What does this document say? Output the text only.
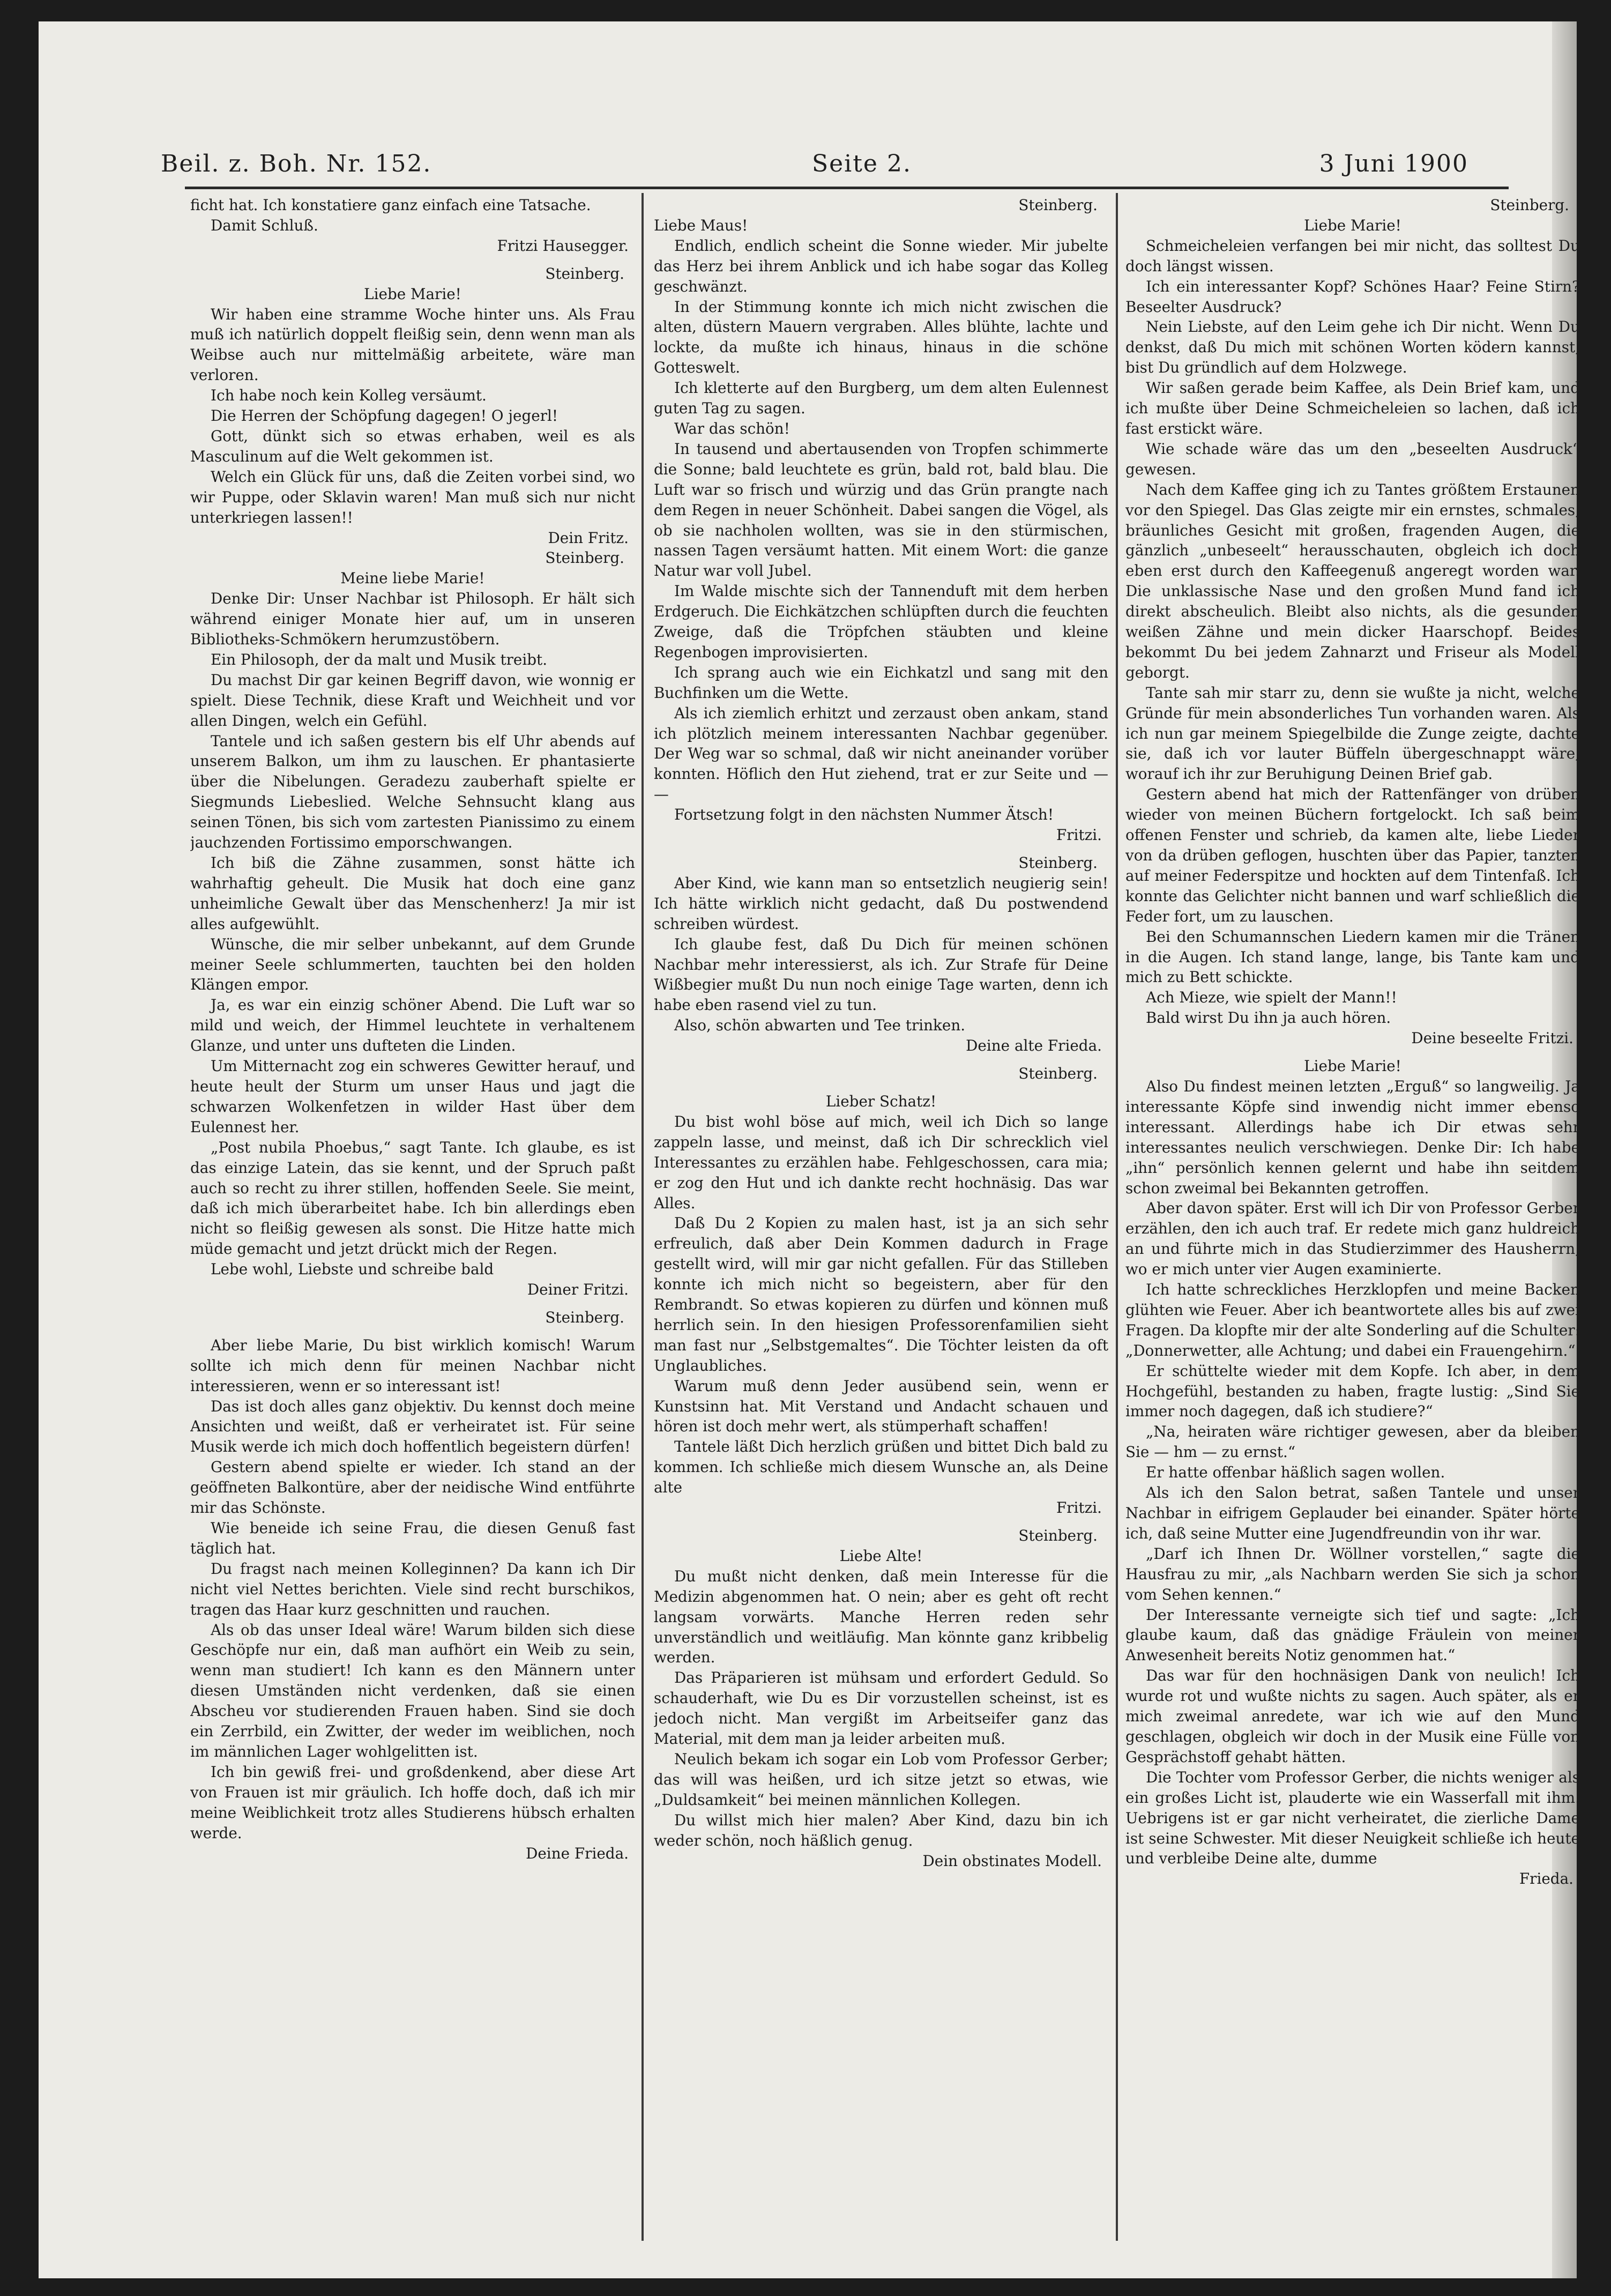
Beil. z. Boh. Nr. 152.	Seite 2.	3 Juni 1900

ficht hat. Ich konstatiere ganz einfach eine Tatsache.

Damit Schluß.

Fritzi Hausegger.

Steinberg.

Liebe Marie!

Wir haben eine stramme Woche hinter uns. Als Frau muß ich natürlich doppelt fleißig sein, denn wenn man als Weibse auch nur mittelmäßig arbeitete, wäre man verloren.

Ich habe noch kein Kolleg versäumt.

Die Herren der Schöpfung dagegen! O jegerl!

Gott, dünkt sich so etwas erhaben, weil es als Masculinum auf die Welt gekommen ist.

Welch ein Glück für uns, daß die Zeiten vorbei sind, wo wir Puppe, oder Sklavin waren! Man muß sich nur nicht unterkriegen lassen!!

Dein Fritz.

Steinberg.

Meine liebe Marie!

Denke Dir: Unser Nachbar ist Philosoph. Er hält sich während einiger Monate hier auf, um in unseren Bibliotheks-Schmökern herumzustöbern.

Ein Philosoph, der da malt und Musik treibt.

Du machst Dir gar keinen Begriff davon, wie wonnig er spielt. Diese Technik, diese Kraft und Weichheit und vor allen Dingen, welch ein Gefühl.

Tantele und ich saßen gestern bis elf Uhr abends auf unserem Balkon, um ihm zu lauschen. Er phantasierte über die Nibelungen. Geradezu zauberhaft spielte er Siegmunds Liebeslied. Welche Sehnsucht klang aus seinen Tönen, bis sich vom zartesten Pianissimo zu einem jauchzenden Fortissimo emporschwangen.

Ich biß die Zähne zusammen, sonst hätte ich wahrhaftig geheult. Die Musik hat doch eine ganz unheimliche Gewalt über das Menschenherz! Ja mir ist alles aufgewühlt.

Wünsche, die mir selber unbekannt, auf dem Grunde meiner Seele schlummerten, tauchten bei den holden Klängen empor.

Ja, es war ein einzig schöner Abend. Die Luft war so mild und weich, der Himmel leuchtete in verhaltenem Glanze, und unter uns dufteten die Linden.

Um Mitternacht zog ein schweres Gewitter herauf, und heute heult der Sturm um unser Haus und jagt die schwarzen Wolkenfetzen in wilder Hast über dem Eulennest her.

„Post nubila Phoebus,“ sagt Tante. Ich glaube, es ist das einzige Latein, das sie kennt, und der Spruch paßt auch so recht zu ihrer stillen, hoffenden Seele. Sie meint, daß ich mich überarbeitet habe. Ich bin allerdings eben nicht so fleißig gewesen als sonst. Die Hitze hatte mich müde gemacht und jetzt drückt mich der Regen.

Lebe wohl, Liebste und schreibe bald

Deiner Fritzi.

Steinberg.

Aber liebe Marie, Du bist wirklich komisch! Warum sollte ich mich denn für meinen Nachbar nicht interessieren, wenn er so interessant ist!

Das ist doch alles ganz objektiv. Du kennst doch meine Ansichten und weißt, daß er verheiratet ist. Für seine Musik werde ich mich doch hoffentlich begeistern dürfen!

Gestern abend spielte er wieder. Ich stand an der geöffneten Balkontüre, aber der neidische Wind entführte mir das Schönste.

Wie beneide ich seine Frau, die diesen Genuß fast täglich hat.

Du fragst nach meinen Kolleginnen? Da kann ich Dir nicht viel Nettes berichten. Viele sind recht burschikos, tragen das Haar kurz geschnitten und rauchen.

Als ob das unser Ideal wäre! Warum bilden sich diese Geschöpfe nur ein, daß man aufhört ein Weib zu sein, wenn man studiert! Ich kann es den Männern unter diesen Umständen nicht verdenken, daß sie einen Abscheu vor studierenden Frauen haben. Sind sie doch ein Zerrbild, ein Zwitter, der weder im weiblichen, noch im männlichen Lager wohlgelitten ist.

Ich bin gewiß frei- und großdenkend, aber diese Art von Frauen ist mir gräulich. Ich hoffe doch, daß ich mir meine Weiblichkeit trotz alles Studierens hübsch erhalten werde.

Deine Frieda.

Steinberg.

Liebe Maus!

Endlich, endlich scheint die Sonne wieder. Mir jubelte das Herz bei ihrem Anblick und ich habe sogar das Kolleg geschwänzt.

In der Stimmung konnte ich mich nicht zwischen die alten, düstern Mauern vergraben. Alles blühte, lachte und lockte, da mußte ich hinaus, hinaus in die schöne Gotteswelt.

Ich kletterte auf den Burgberg, um dem alten Eulennest guten Tag zu sagen.

War das schön!

In tausend und abertausenden von Tropfen schimmerte die Sonne; bald leuchtete es grün, bald rot, bald blau. Die Luft war so frisch und würzig und das Grün prangte nach dem Regen in neuer Schönheit. Dabei sangen die Vögel, als ob sie nachholen wollten, was sie in den stürmischen, nassen Tagen versäumt hatten. Mit einem Wort: die ganze Natur war voll Jubel.

Im Walde mischte sich der Tannenduft mit dem herben Erdgeruch. Die Eichkätzchen schlüpften durch die feuchten Zweige, daß die Tröpfchen stäubten und kleine Regenbogen improvisierten.

Ich sprang auch wie ein Eichkatzl und sang mit den Buchfinken um die Wette.

Als ich ziemlich erhitzt und zerzaust oben ankam, stand ich plötzlich meinem interessanten Nachbar gegenüber. Der Weg war so schmal, daß wir nicht aneinander vorüber konnten. Höflich den Hut ziehend, trat er zur Seite und — —

Fortsetzung folgt in den nächsten Nummer Ätsch!

Fritzi.

Steinberg.

Aber Kind, wie kann man so entsetzlich neugierig sein! Ich hätte wirklich nicht gedacht, daß Du postwendend schreiben würdest.

Ich glaube fest, daß Du Dich für meinen schönen Nachbar mehr interessierst, als ich. Zur Strafe für Deine Wißbegier mußt Du nun noch einige Tage warten, denn ich habe eben rasend viel zu tun.

Also, schön abwarten und Tee trinken.

Deine alte Frieda.

Steinberg.

Lieber Schatz!

Du bist wohl böse auf mich, weil ich Dich so lange zappeln lasse, und meinst, daß ich Dir schrecklich viel Interessantes zu erzählen habe. Fehlgeschossen, cara mia; er zog den Hut und ich dankte recht hochnäsig. Das war Alles.

Daß Du 2 Kopien zu malen hast, ist ja an sich sehr erfreulich, daß aber Dein Kommen dadurch in Frage gestellt wird, will mir gar nicht gefallen. Für das Stilleben konnte ich mich nicht so begeistern, aber für den Rembrandt. So etwas kopieren zu dürfen und können muß herrlich sein. In den hiesigen Professorenfamilien sieht man fast nur „Selbstgemaltes“. Die Töchter leisten da oft Unglaubliches.

Warum muß denn Jeder ausübend sein, wenn er Kunstsinn hat. Mit Verstand und Andacht schauen und hören ist doch mehr wert, als stümperhaft schaffen!

Tantele läßt Dich herzlich grüßen und bittet Dich bald zu kommen. Ich schließe mich diesem Wunsche an, als Deine alte

Fritzi.

Steinberg.

Liebe Alte!

Du mußt nicht denken, daß mein Interesse für die Medizin abgenommen hat. O nein; aber es geht oft recht langsam vorwärts. Manche Herren reden sehr unverständlich und weitläufig. Man könnte ganz kribbelig werden.

Das Präparieren ist mühsam und erfordert Geduld. So schauderhaft, wie Du es Dir vorzustellen scheinst, ist es jedoch nicht. Man vergißt im Arbeitseifer ganz das Material, mit dem man ja leider arbeiten muß.

Neulich bekam ich sogar ein Lob vom Professor Gerber; das will was heißen, urd ich sitze jetzt so etwas, wie „Duldsamkeit“ bei meinen männlichen Kollegen.

Du willst mich hier malen? Aber Kind, dazu bin ich weder schön, noch häßlich genug.

Dein obstinates Modell.

Steinberg.

Liebe Marie!

Schmeicheleien verfangen bei mir nicht, das solltest Du doch längst wissen.

Ich ein interessanter Kopf? Schönes Haar? Feine Stirn? Beseelter Ausdruck?

Nein Liebste, auf den Leim gehe ich Dir nicht. Wenn Du denkst, daß Du mich mit schönen Worten ködern kannst, bist Du gründlich auf dem Holzwege.

Wir saßen gerade beim Kaffee, als Dein Brief kam, und ich mußte über Deine Schmeicheleien so lachen, daß ich fast erstickt wäre.

Wie schade wäre das um den „beseelten Ausdruck“ gewesen.

Nach dem Kaffee ging ich zu Tantes größtem Erstaunen vor den Spiegel. Das Glas zeigte mir ein ernstes, schmales, bräunliches Gesicht mit großen, fragenden Augen, die gänzlich „unbeseelt“ herausschauten, obgleich ich doch eben erst durch den Kaffeegenuß angeregt worden war. Die unklassische Nase und den großen Mund fand ich direkt abscheulich. Bleibt also nichts, als die gesunden weißen Zähne und mein dicker Haarschopf. Beides bekommt Du bei jedem Zahnarzt und Friseur als Modell geborgt.

Tante sah mir starr zu, denn sie wußte ja nicht, welche Gründe für mein absonderliches Tun vorhanden waren. Als ich nun gar meinem Spiegelbilde die Zunge zeigte, dachte sie, daß ich vor lauter Büffeln übergeschnappt wäre, worauf ich ihr zur Beruhigung Deinen Brief gab.

Gestern abend hat mich der Rattenfänger von drüben wieder von meinen Büchern fortgelockt. Ich saß beim offenen Fenster und schrieb, da kamen alte, liebe Lieder von da drüben geflogen, huschten über das Papier, tanzten auf meiner Federspitze und hockten auf dem Tintenfaß. Ich konnte das Gelichter nicht bannen und warf schließlich die Feder fort, um zu lauschen.

Bei den Schumannschen Liedern kamen mir die Tränen in die Augen. Ich stand lange, lange, bis Tante kam und mich zu Bett schickte.

Ach Mieze, wie spielt der Mann!!

Bald wirst Du ihn ja auch hören.

Deine beseelte Fritzi.

Liebe Marie!

Also Du findest meinen letzten „Erguß“ so langweilig. Ja interessante Köpfe sind inwendig nicht immer ebenso interessant. Allerdings habe ich Dir etwas sehr interessantes neulich verschwiegen. Denke Dir: Ich habe „ihn“ persönlich kennen gelernt und habe ihn seitdem schon zweimal bei Bekannten getroffen.

Aber davon später. Erst will ich Dir von Professor Gerber erzählen, den ich auch traf. Er redete mich ganz huldreich an und führte mich in das Studierzimmer des Hausherrn, wo er mich unter vier Augen examinierte.

Ich hatte schreckliches Herzklopfen und meine Backen glühten wie Feuer. Aber ich beantwortete alles bis auf zwei Fragen. Da klopfte mir der alte Sonderling auf die Schulter: „Donnerwetter, alle Achtung; und dabei ein Frauengehirn.“

Er schüttelte wieder mit dem Kopfe. Ich aber, in dem Hochgefühl, bestanden zu haben, fragte lustig: „Sind Sie immer noch dagegen, daß ich studiere?“

„Na, heiraten wäre richtiger gewesen, aber da bleiben Sie — hm — zu ernst.“

Er hatte offenbar häßlich sagen wollen.

Als ich den Salon betrat, saßen Tantele und unser Nachbar in eifrigem Geplauder bei einander. Später hörte ich, daß seine Mutter eine Jugendfreundin von ihr war.

„Darf ich Ihnen Dr. Wöllner vorstellen,“ sagte die Hausfrau zu mir, „als Nachbarn werden Sie sich ja schon vom Sehen kennen.“

Der Interessante verneigte sich tief und sagte: „Ich glaube kaum, daß das gnädige Fräulein von meiner Anwesenheit bereits Notiz genommen hat.“

Das war für den hochnäsigen Dank von neulich! Ich wurde rot und wußte nichts zu sagen. Auch später, als er mich zweimal anredete, war ich wie auf den Mund geschlagen, obgleich wir doch in der Musik eine Fülle von Gesprächstoff gehabt hätten.

Die Tochter vom Professor Gerber, die nichts weniger als ein großes Licht ist, plauderte wie ein Wasserfall mit ihm. Uebrigens ist er gar nicht verheiratet, die zierliche Dame ist seine Schwester. Mit dieser Neuigkeit schließe ich heute und verbleibe Deine alte, dumme

Frieda.
